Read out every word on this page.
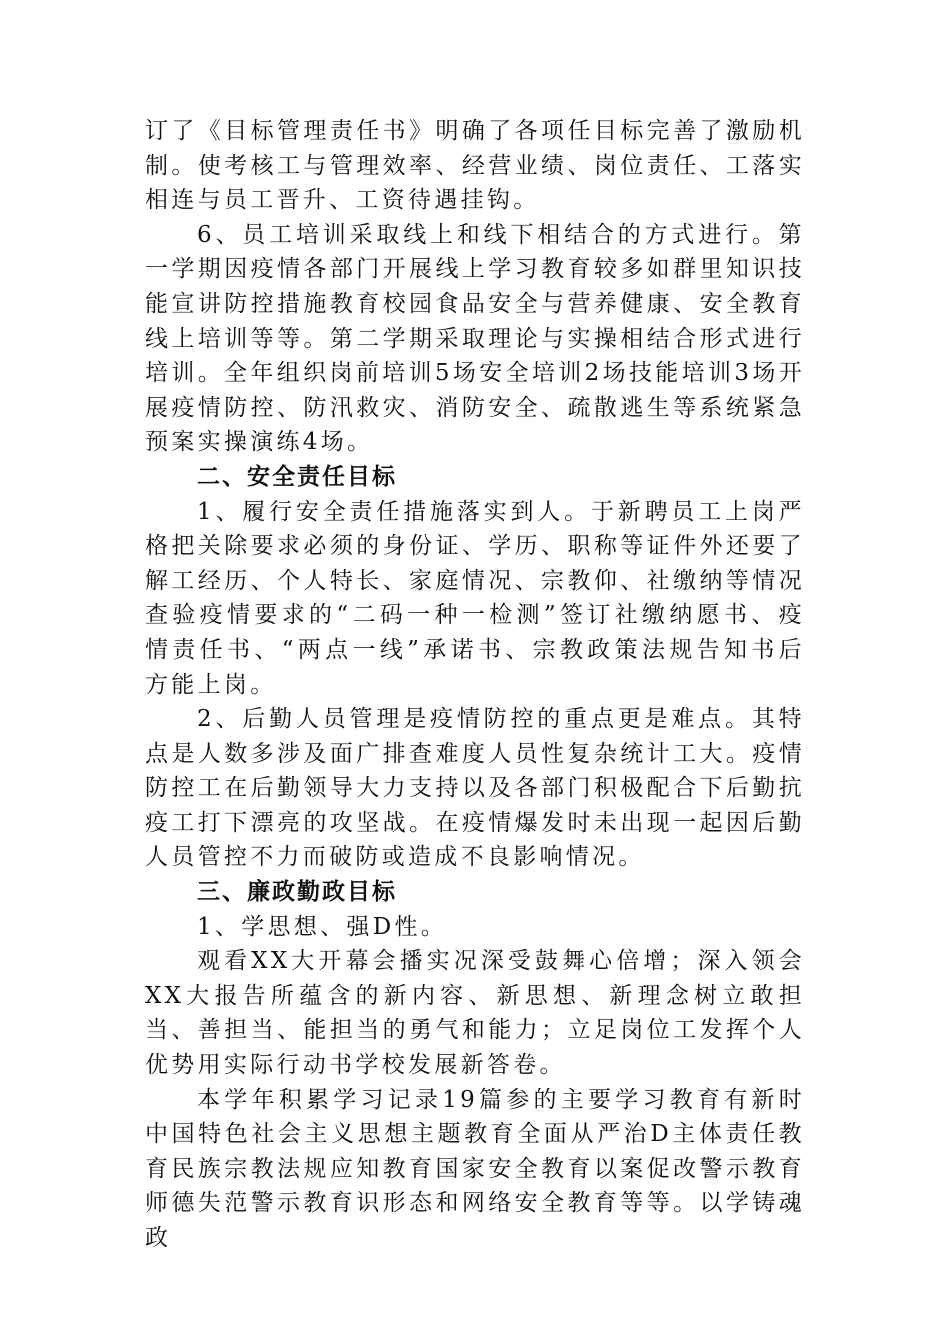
订了《目标管理责任书》明确了各项任目标完善了激励机制。使考核工与管理效率、经营业绩、岗位责任、工落实相连与员工晋升、工资待遇挂钩。

6、员工培训采取线上和线下相结合的方式进行。第一学期因疫情各部门开展线上学习教育较多如群里知识技能宣讲防控措施教育校园食品安全与营养健康、安全教育线上培训等等。第二学期采取理论与实操相结合形式进行培训。全年组织岗前培训5场安全培训2场技能培训3场开展疫情防控、防汛救灾、消防安全、疏散逃生等系统紧急预案实操演练4场。

二、安全责任目标

1、履行安全责任措施落实到人。于新聘员工上岗严格把关除要求必须的身份证、学历、职称等证件外还要了解工经历、个人特长、家庭情况、宗教仰、社缴纳等情况查验疫情要求的“二码一种一检测”签订社缴纳愿书、疫情责任书、“两点一线”承诺书、宗教政策法规告知书后方能上岗。

2、后勤人员管理是疫情防控的重点更是难点。其特点是人数多涉及面广排查难度人员性复杂统计工大。疫情防控工在后勤领导大力支持以及各部门积极配合下后勤抗疫工打下漂亮的攻坚战。在疫情爆发时未出现一起因后勤人员管控不力而破防或造成不良影响情况。

三、廉政勤政目标

1、学思想、强D性。

观看XX大开幕会播实况深受鼓舞心倍增；深入领会XX大报告所蕴含的新内容、新思想、新理念树立敢担当、善担当、能担当的勇气和能力；立足岗位工发挥个人优势用实际行动书学校发展新答卷。

本学年积累学习记录19篇参的主要学习教育有新时中国特色社会主义思想主题教育全面从严治D主体责任教育民族宗教法规应知教育国家安全教育以案促改警示教育师德失范警示教育识形态和网络安全教育等等。以学铸魂政
